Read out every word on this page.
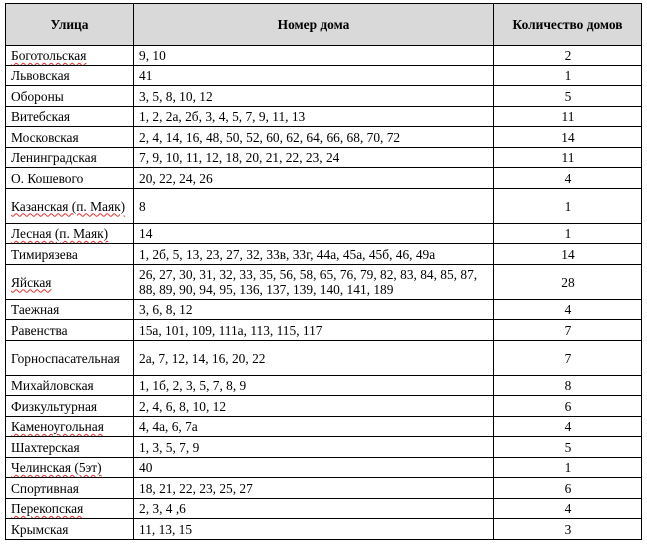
Улица	Номер дома	Количество домов
Боготольская	9, 10	2
Львовская	41	1
Обороны	3, 5, 8, 10, 12	5
Витебская	1, 2, 2а, 2б, 3, 4, 5, 7, 9, 11, 13	11
Московская	2, 4, 14, 16, 48, 50, 52, 60, 62, 64, 66, 68, 70, 72	14
Ленинградская	7, 9, 10, 11, 12, 18, 20, 21, 22, 23, 24	11
О. Кошевого	20, 22, 24, 26	4
Казанская (п. Маяк)	8	1
Лесная (п. Маяк)	14	1
Тимирязева	1, 2б, 5, 13, 23, 27, 32, 33в, 33г, 44а, 45а, 45б, 46, 49а	14
Яйская	26, 27, 30, 31, 32, 33, 35, 56, 58, 65, 76, 79, 82, 83, 84, 85, 87, 88, 89, 90, 94, 95, 136, 137, 139, 140, 141, 189	28
Таежная	3, 6, 8, 12	4
Равенства	15а, 101, 109, 111а, 113, 115, 117	7
Горноспасательная	2а, 7, 12, 14, 16, 20, 22	7
Михайловская	1, 1б, 2, 3, 5, 7, 8, 9	8
Физкультурная	2, 4, 6, 8, 10, 12	6
Каменоугольная	4, 4а, 6, 7а	4
Шахтерская	1, 3, 5, 7, 9	5
Челинская (5эт)	40	1
Спортивная	18, 21, 22, 23, 25, 27	6
Перекопская	2, 3, 4 ,6	4
Крымская	11, 13, 15	3
